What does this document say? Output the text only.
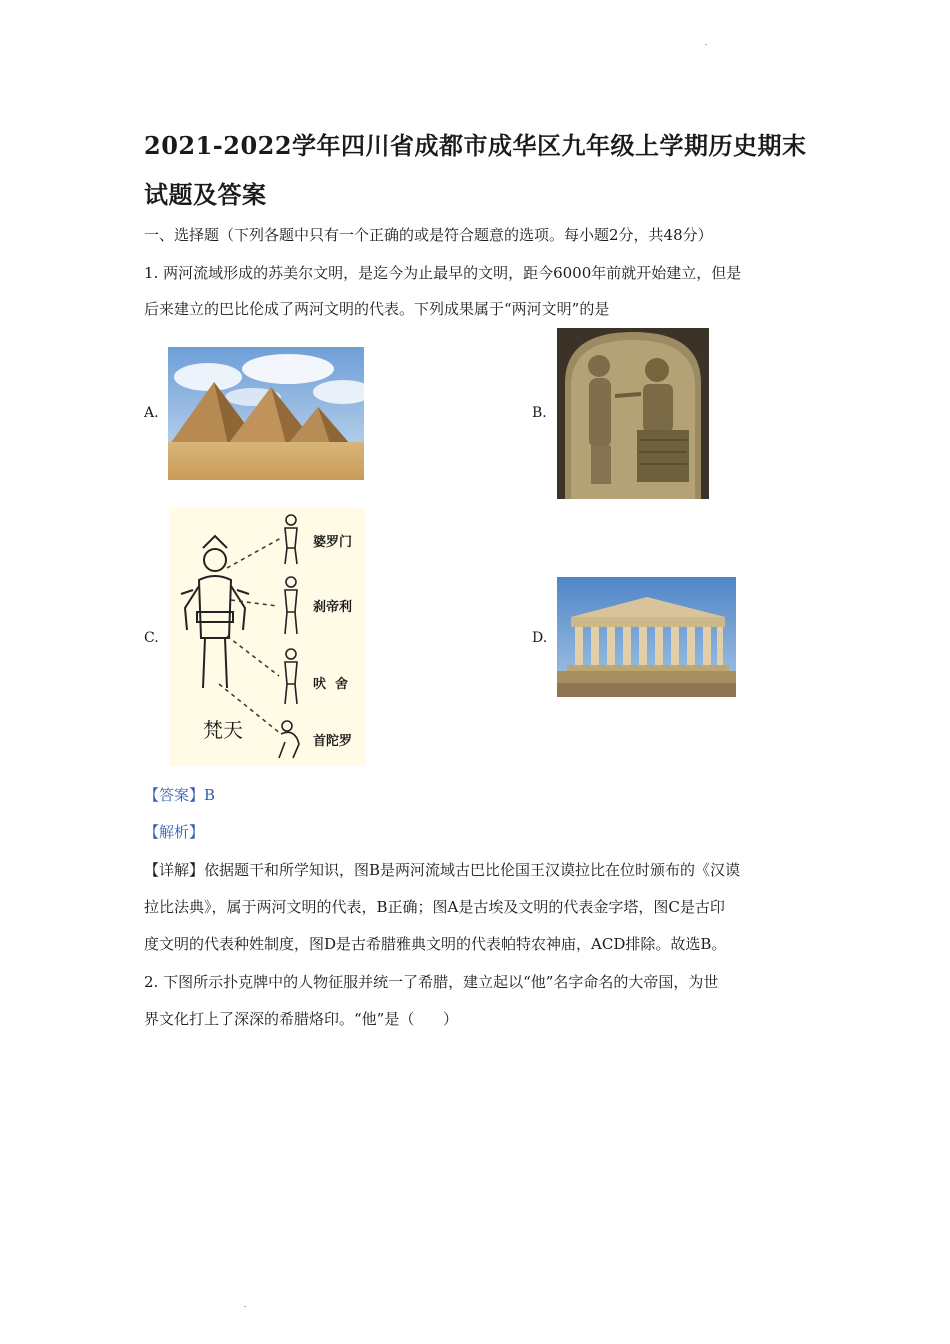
2021-2022学年四川省成都市成华区九年级上学期历史期末
试题及答案
一、选择题（下列各题中只有一个正确的或是符合题意的选项。每小题2分，共48分）
1. 两河流域形成的苏美尔文明，是迄今为止最早的文明，距今6000年前就开始建立，但是
后来建立的巴比伦成了两河文明的代表。下列成果属于“两河文明”的是
A.	B.
C.
婆罗门
刹帝利
吠  舍
首陀罗
梵天
D.
【答案】B
【解析】
【详解】依据题干和所学知识，图B是两河流域古巴比伦国王汉谟拉比在位时颁布的《汉谟
拉比法典》，属于两河文明的代表，B正确；图A是古埃及文明的代表金字塔，图C是古印
度文明的代表种姓制度，图D是古希腊雅典文明的代表帕特农神庙，ACD排除。故选B。
2. 下图所示扑克牌中的人物征服并统一了希腊，建立起以“他”名字命名的大帝国，为世
界文化打上了深深的希腊烙印。“他”是（      ）
